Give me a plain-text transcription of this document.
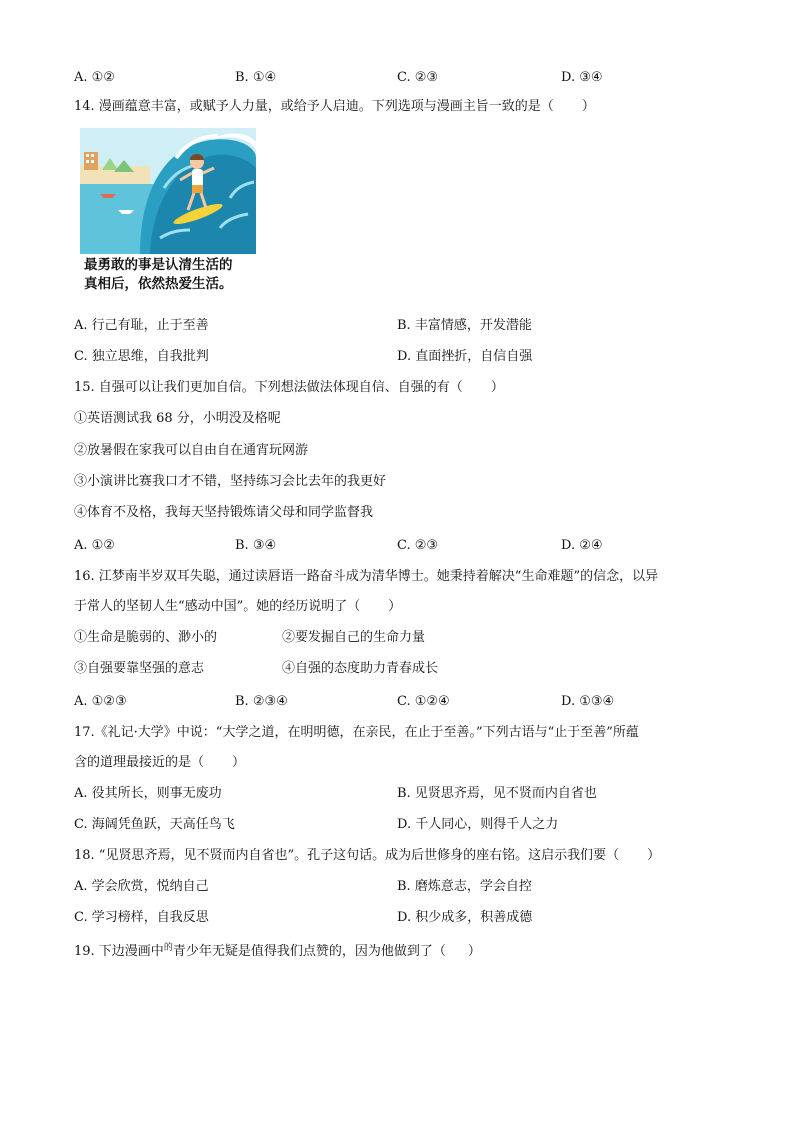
A. ①②	B. ①④	C. ②③	D. ③④
14. 漫画蕴意丰富，或赋予人力量，或给予人启迪。下列选项与漫画主旨一致的是（ ）
最勇敢的事是认清生活的
真相后，依然热爱生活。
A. 行己有耻，止于至善	B. 丰富情感，开发潜能
C. 独立思维，自我批判	D. 直面挫折，自信自强
15. 自强可以让我们更加自信。下列想法做法体现自信、自强的有（ ）
①英语测试我 68 分，小明没及格呢
②放暑假在家我可以自由自在通宵玩网游
③小演讲比赛我口才不错，坚持练习会比去年的我更好
④体育不及格，我每天坚持锻炼请父母和同学监督我
A. ①②	B. ③④	C. ②③	D. ②④
16. 江梦南半岁双耳失聪，通过读唇语一路奋斗成为清华博士。她秉持着解决“生命难题”的信念，以异
于常人的坚韧人生“感动中国”。她的经历说明了（ ）
①生命是脆弱的、渺小的	②要发掘自己的生命力量
③自强要靠坚强的意志	④自强的态度助力青春成长
A. ①②③	B. ②③④	C. ①②④	D. ①③④
17.《礼记·大学》中说：“大学之道，在明明德，在亲民，在止于至善。”下列古语与“止于至善”所蕴
含的道理最接近的是（ ）
A. 役其所长，则事无废功	B. 见贤思齐焉，见不贤而内自省也
C. 海阔凭鱼跃，天高任鸟飞	D. 千人同心，则得千人之力
18. “见贤思齐焉，见不贤而内自省也”。孔子这句话。成为后世修身的座右铭。这启示我们要（ ）
A. 学会欣赏，悦纳自己	B. 磨炼意志，学会自控
C. 学习榜样，自我反思	D. 积少成多，积善成德
19. 下边漫画中$^的$青少年无疑是值得我们点赞的，因为他做到了（ ）
